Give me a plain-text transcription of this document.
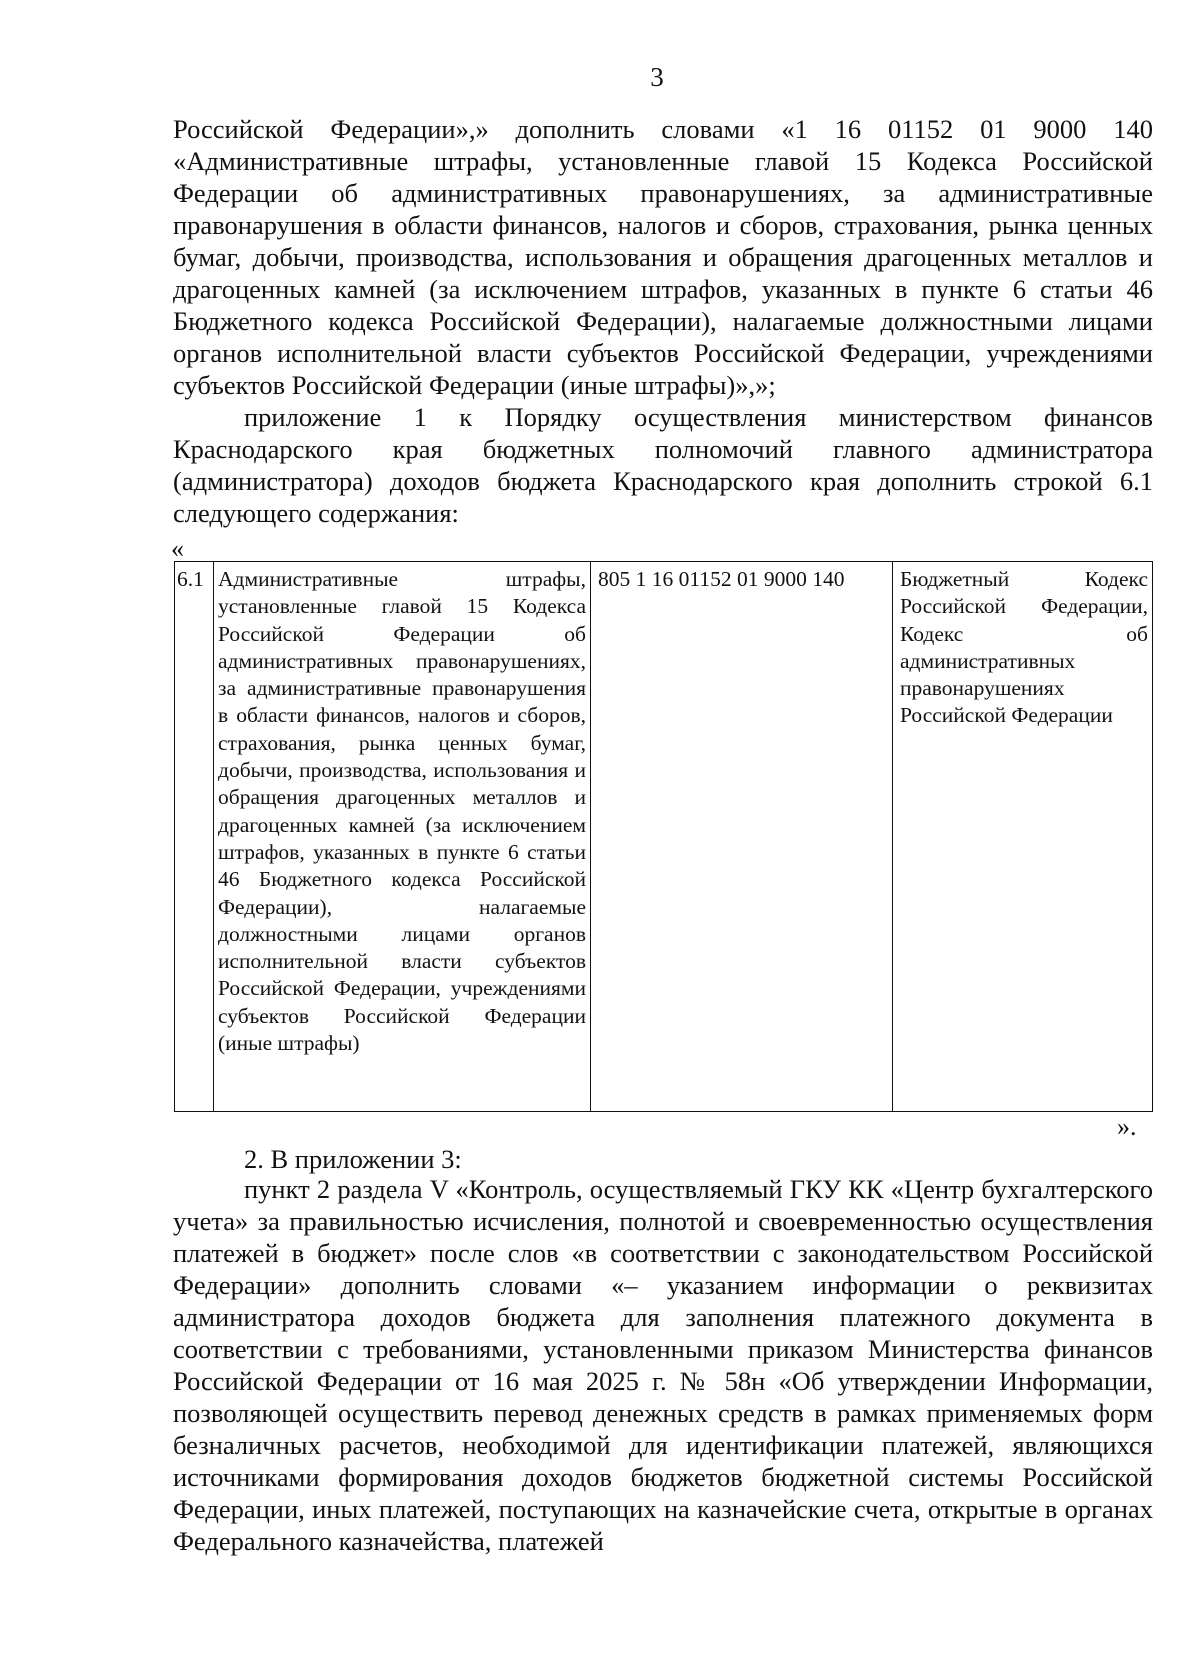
3

Российской Федерации»,» дополнить словами «1 16 01152 01 9000 140 «Административные штрафы, установленные главой 15 Кодекса Российской Федерации об административных правонарушениях, за административные правонарушения в области финансов, налогов и сборов, страхования, рынка ценных бумаг, добычи, производства, использования и обращения драгоценных металлов и драгоценных камней (за исключением штрафов, указанных в пункте 6 статьи 46 Бюджетного кодекса Российской Федерации), налагаемые должностными лицами органов исполнительной власти субъектов Российской Федерации, учреждениями субъектов Российской Федерации (иные штрафы)»,»;

приложение 1 к Порядку осуществления министерством финансов Краснодарского края бюджетных полномочий главного администратора (администратора) доходов бюджета Краснодарского края дополнить строкой 6.1 следующего содержания:

«
6.1	Административные штрафы, установленные главой 15 Кодекса Российской Федерации об административных правонарушениях, за административные правонарушения в области финансов, налогов и сборов, страхования, рынка ценных бумаг, добычи, производства, использования и обращения драгоценных металлов и драгоценных камней (за исключением штрафов, указанных в пункте 6 статьи 46 Бюджетного кодекса Российской Федерации), налагаемые должностными лицами органов исполнительной власти субъектов Российской Федерации, учреждениями субъектов Российской Федерации (иные штрафы)	805 1 16 01152 01 9000 140	Бюджетный Кодекс Российской Федерации, Кодекс об административных правонарушениях Российской Федерации
».

2. В приложении 3:

пункт 2 раздела V «Контроль, осуществляемый ГКУ КК «Центр бухгалтерского учета» за правильностью исчисления, полнотой и своевременностью осуществления платежей в бюджет» после слов «в соответствии с законодательством Российской Федерации» дополнить словами «– указанием информации о реквизитах администратора доходов бюджета для заполнения платежного документа в соответствии с требованиями, установленными приказом Министерства финансов Российской Федерации от 16 мая 2025 г. № 58н «Об утверждении Информации, позволяющей осуществить перевод денежных средств в рамках применяемых форм безналичных расчетов, необходимой для идентификации платежей, являющихся источниками формирования доходов бюджетов бюджетной системы Российской Федерации, иных платежей, поступающих на казначейские счета, открытые в органах Федерального казначейства, платежей
